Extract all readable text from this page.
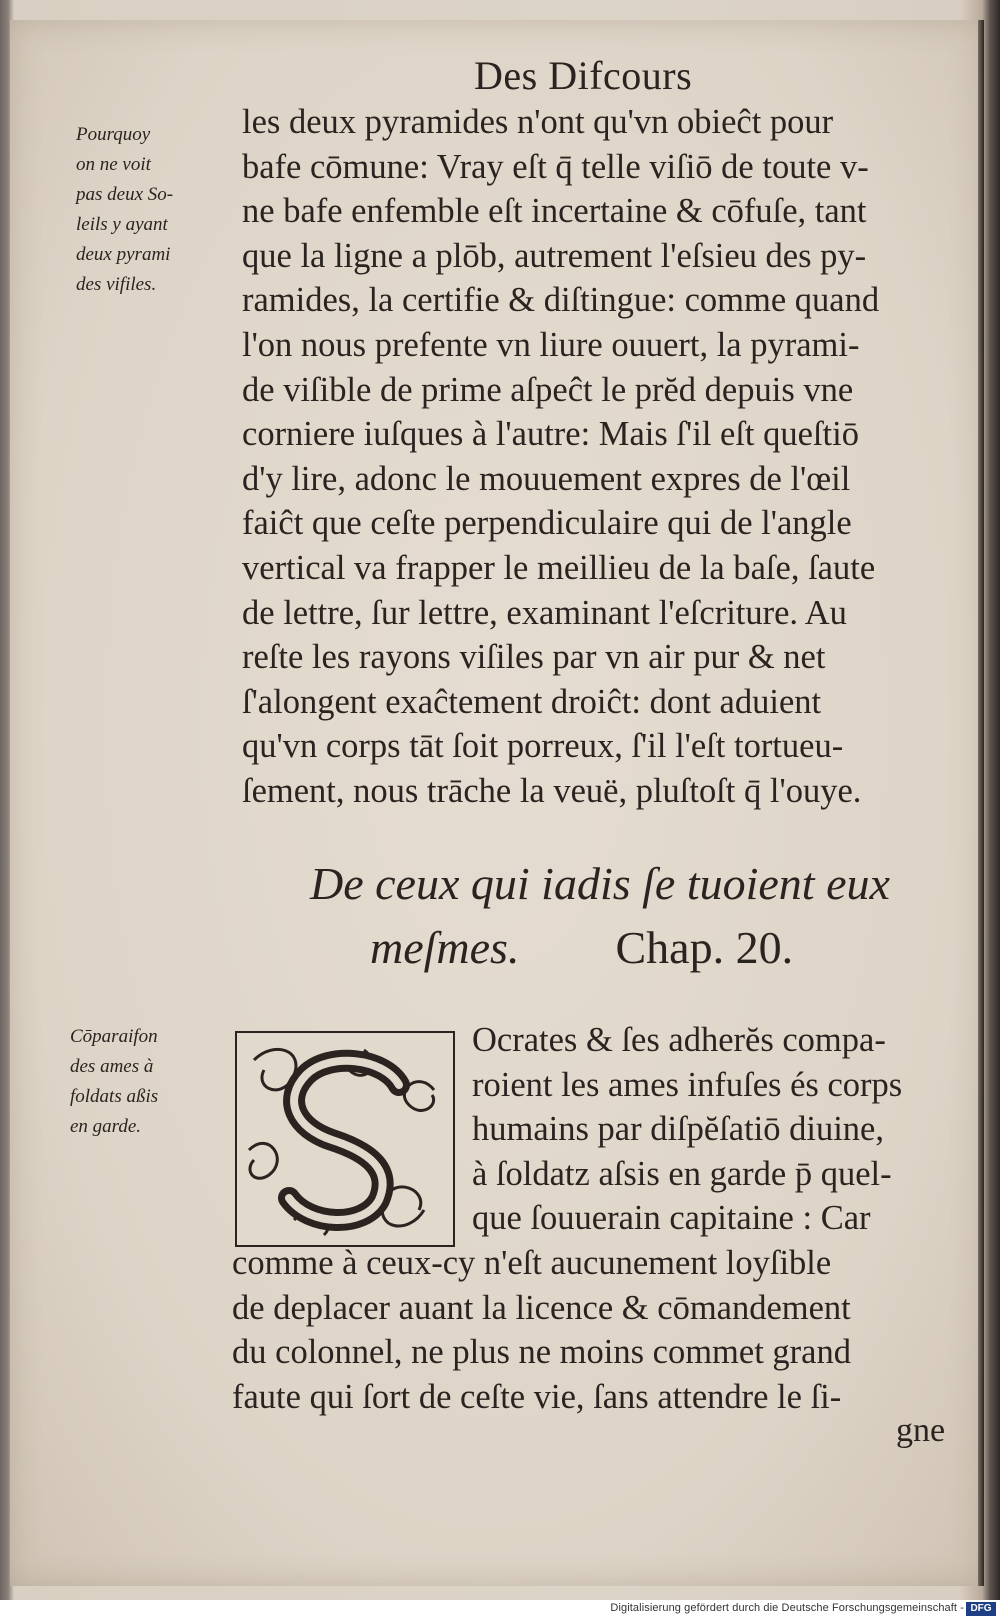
Des Difcours
Pourquoy
on ne voit
pas deux So-
leils y ayant
deux pyrami
des vifiles.
les deux pyramides n'ont qu'vn obieĉt pour
bafe cōmune: Vray eſt q̄ telle viſiō de toute v-
ne bafe enfemble eſt incertaine & cōfuſe, tant
que la ligne a plōb, autrement l'eſsieu des py-
ramides, la certifie & diſtingue: comme quand
l'on nous prefente vn liure ouuert, la pyrami-
de viſible de prime aſpeĉt le prĕd depuis vne
corniere iuſques à l'autre: Mais ſ'il eſt queſtiō
d'y lire, adonc le mouuement expres de l'œil
faiĉt que ceſte perpendiculaire qui de l'angle
vertical va frapper le meillieu de la baſe, ſaute
de lettre, ſur lettre, examinant l'eſcriture. Au
reſte les rayons viſiles par vn air pur & net
ſ'alongent exaĉtement droiĉt: dont aduient
qu'vn corps tāt ſoit porreux, ſ'il l'eſt tortueu-
ſement, nous trāche la veuë, pluſtoſt q̄ l'ouye.
De ceux qui iadis ſe tuoient eux
meſmes. Chap. 20.
Cōparaifon
des ames à
foldats aßis
en garde.
Ocrates & ſes adherĕs compa-
roient les ames infuſes és corps
humains par diſpĕſatiō diuine,
à ſoldatz aſsis en garde p̄ quel-
que ſouuerain capitaine : Car
comme à ceux-cy n'eſt aucunement loyſible
de deplacer auant la licence & cōmandement
du colonnel, ne plus ne moins commet grand
faute qui ſort de ceſte vie, ſans attendre le ſi-
gne
Digitalisierung gefördert durch die Deutsche Forschungsgemeinschaft - DFG
